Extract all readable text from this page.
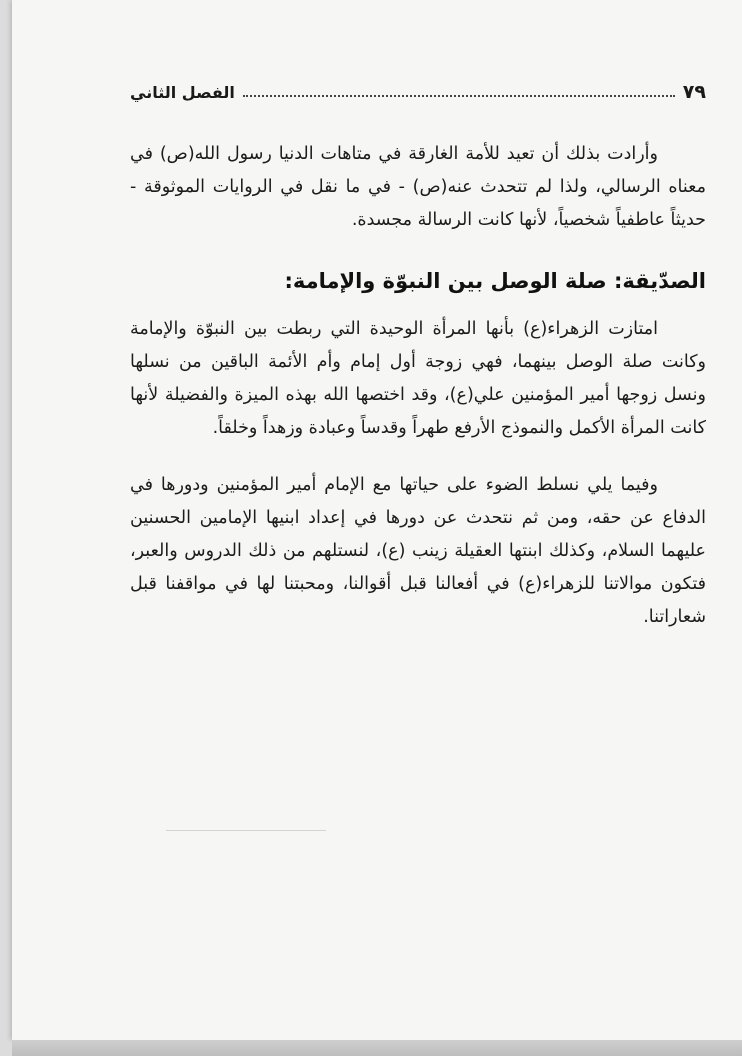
٧٩
الفصل الثاني

وأرادت بذلك أن تعيد للأمة الغارقة في متاهات الدنيا رسول الله(ص) في معناه الرسالي، ولذا لم تتحدث عنه(ص) - في ما نقل في الروايات الموثوقة - حديثاً عاطفياً شخصياً، لأنها كانت الرسالة مجسدة.

الصدّيقة: صلة الوصل بين النبوّة والإمامة:

امتازت الزهراء(ع) بأنها المرأة الوحيدة التي ربطت بين النبوّة والإمامة وكانت صلة الوصل بينهما، فهي زوجة أول إمام وأم الأئمة الباقين من نسلها ونسل زوجها أمير المؤمنين علي(ع)، وقد اختصها الله بهذه الميزة والفضيلة لأنها كانت المرأة الأكمل والنموذج الأرفع طهراً وقدساً وعبادة وزهداً وخلقاً.

وفيما يلي نسلط الضوء على حياتها مع الإمام أمير المؤمنين ودورها في الدفاع عن حقه، ومن ثم نتحدث عن دورها في إعداد ابنيها الإمامين الحسنين عليهما السلام، وكذلك ابنتها العقيلة زينب (ع)، لنستلهم من ذلك الدروس والعبر، فتكون موالاتنا للزهراء(ع) في أفعالنا قبل أقوالنا، ومحبتنا لها في مواقفنا قبل شعاراتنا.
